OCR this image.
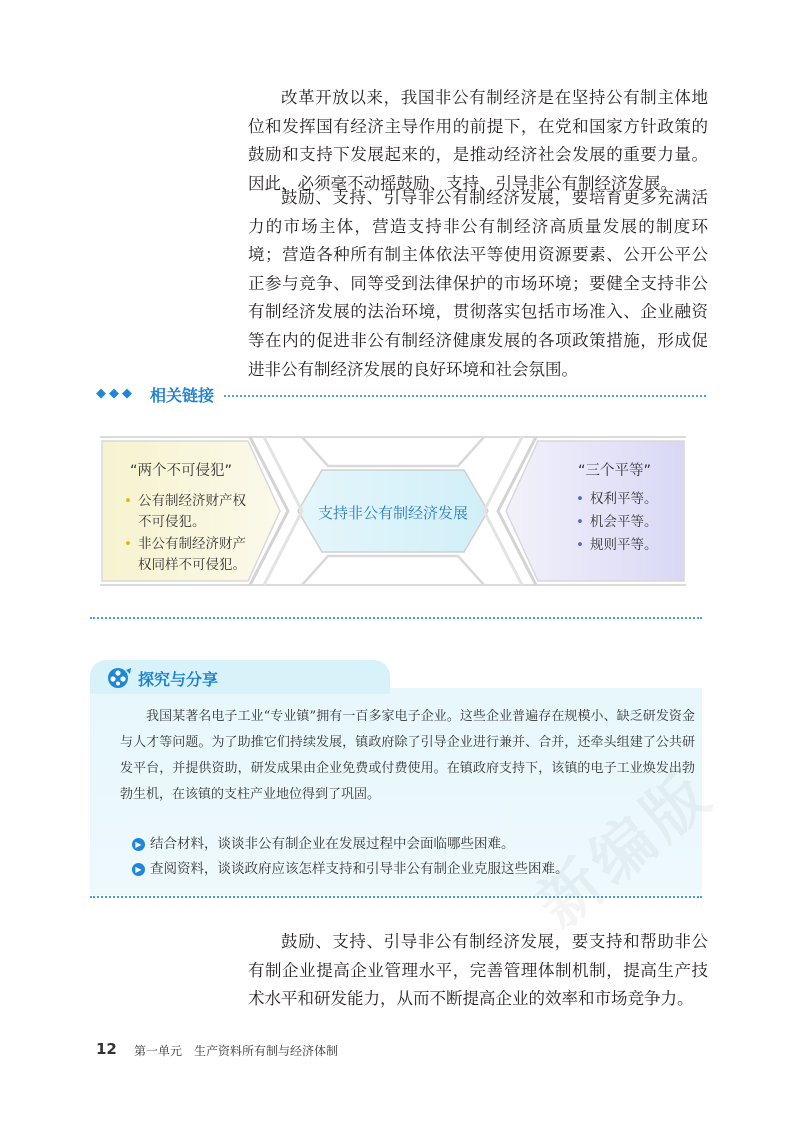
改革开放以来，我国非公有制经济是在坚持公有制主体地位和发挥国有经济主导作用的前提下，在党和国家方针政策的鼓励和支持下发展起来的，是推动经济社会发展的重要力量。因此，必须毫不动摇鼓励、支持、引导非公有制经济发展。

鼓励、支持、引导非公有制经济发展，要培育更多充满活力的市场主体，营造支持非公有制经济高质量发展的制度环境；营造各种所有制主体依法平等使用资源要素、公开公平公正参与竞争、同等受到法律保护的市场环境；要健全支持非公有制经济发展的法治环境，贯彻落实包括市场准入、企业融资等在内的促进非公有制经济健康发展的各项政策措施，形成促进非公有制经济发展的良好环境和社会氛围。

◆◆◆ 相关链接
“两个不可侵犯”
• 公有制经济财产权不可侵犯。
• 非公有制经济财产权同样不可侵犯。
支持非公有制经济发展
“三个平等”
• 权利平等。
• 机会平等。
• 规则平等。
探究与分享

我国某著名电子工业“专业镇”拥有一百多家电子企业。这些企业普遍存在规模小、缺乏研发资金与人才等问题。为了助推它们持续发展，镇政府除了引导企业进行兼并、合并，还牵头组建了公共研发平台，并提供资助，研发成果由企业免费或付费使用。在镇政府支持下，该镇的电子工业焕发出勃勃生机，在该镇的支柱产业地位得到了巩固。

▶ 结合材料，谈谈非公有制企业在发展过程中会面临哪些困难。
▶ 查阅资料，谈谈政府应该怎样支持和引导非公有制企业克服这些困难。
新编版

鼓励、支持、引导非公有制经济发展，要支持和帮助非公有制企业提高企业管理水平，完善管理体制机制，提高生产技术水平和研发能力，从而不断提高企业的效率和市场竞争力。

12 第一单元　生产资料所有制与经济体制
